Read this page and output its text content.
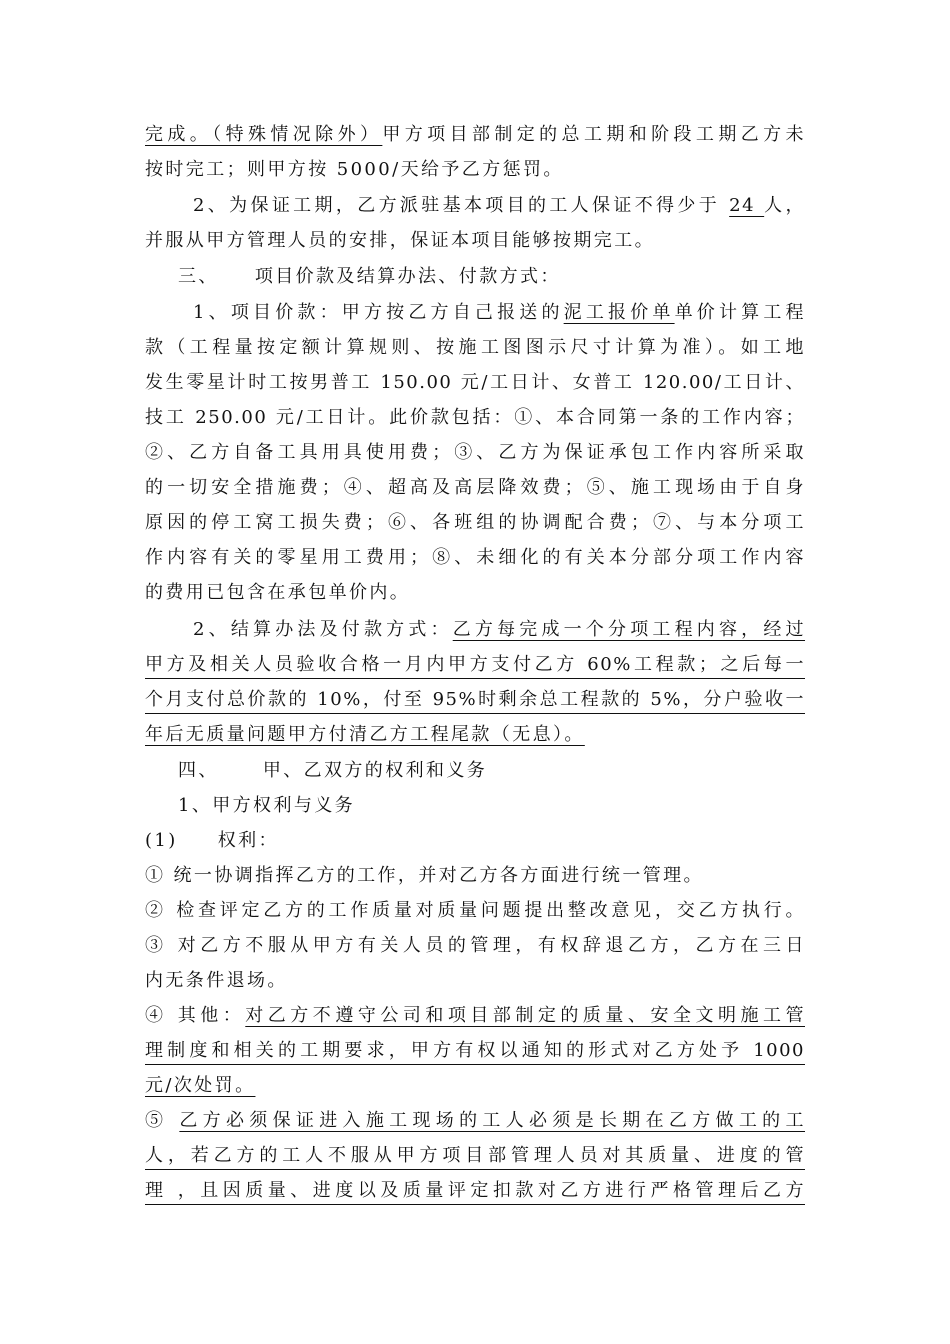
完成。（特殊情况除外）甲方项目部制定的总工期和阶段工期乙方未
按时完工；则甲方按 5000/天给予乙方惩罚。
2、为保证工期，乙方派驻基本项目的工人保证不得少于 24 人，
并服从甲方管理人员的安排，保证本项目能够按期完工。
三、 项目价款及结算办法、付款方式：
1、项目价款：甲方按乙方自己报送的泥工报价单单价计算工程
款（工程量按定额计算规则、按施工图图示尺寸计算为准）。如工地
发生零星计时工按男普工 150.00 元/工日计、女普工 120.00/工日计、
技工 250.00 元/工日计。此价款包括：①、本合同第一条的工作内容；
②、乙方自备工具用具使用费；③、乙方为保证承包工作内容所采取
的一切安全措施费；④、超高及高层降效费；⑤、施工现场由于自身
原因的停工窝工损失费；⑥、各班组的协调配合费；⑦、与本分项工
作内容有关的零星用工费用；⑧、未细化的有关本分部分项工作内容
的费用已包含在承包单价内。
2、结算办法及付款方式：乙方每完成一个分项工程内容，经过
甲方及相关人员验收合格一月内甲方支付乙方 60%工程款；之后每一
个月支付总价款的 10%，付至 95%时剩余总工程款的 5%，分户验收一
年后无质量问题甲方付清乙方工程尾款（无息）。
四、 甲、乙双方的权利和义务
1、甲方权利与义务
(1) 权利：
① 统一协调指挥乙方的工作，并对乙方各方面进行统一管理。
② 检查评定乙方的工作质量对质量问题提出整改意见，交乙方执行。
③ 对乙方不服从甲方有关人员的管理，有权辞退乙方，乙方在三日
内无条件退场。
④ 其他：对乙方不遵守公司和项目部制定的质量、安全文明施工管
理制度和相关的工期要求，甲方有权以通知的形式对乙方处予 1000
元/次处罚。
⑤ 乙方必须保证进入施工现场的工人必须是长期在乙方做工的工
人，若乙方的工人不服从甲方项目部管理人员对其质量、进度的管
理 ，且因质量、进度以及质量评定扣款对乙方进行严格管理后乙方
